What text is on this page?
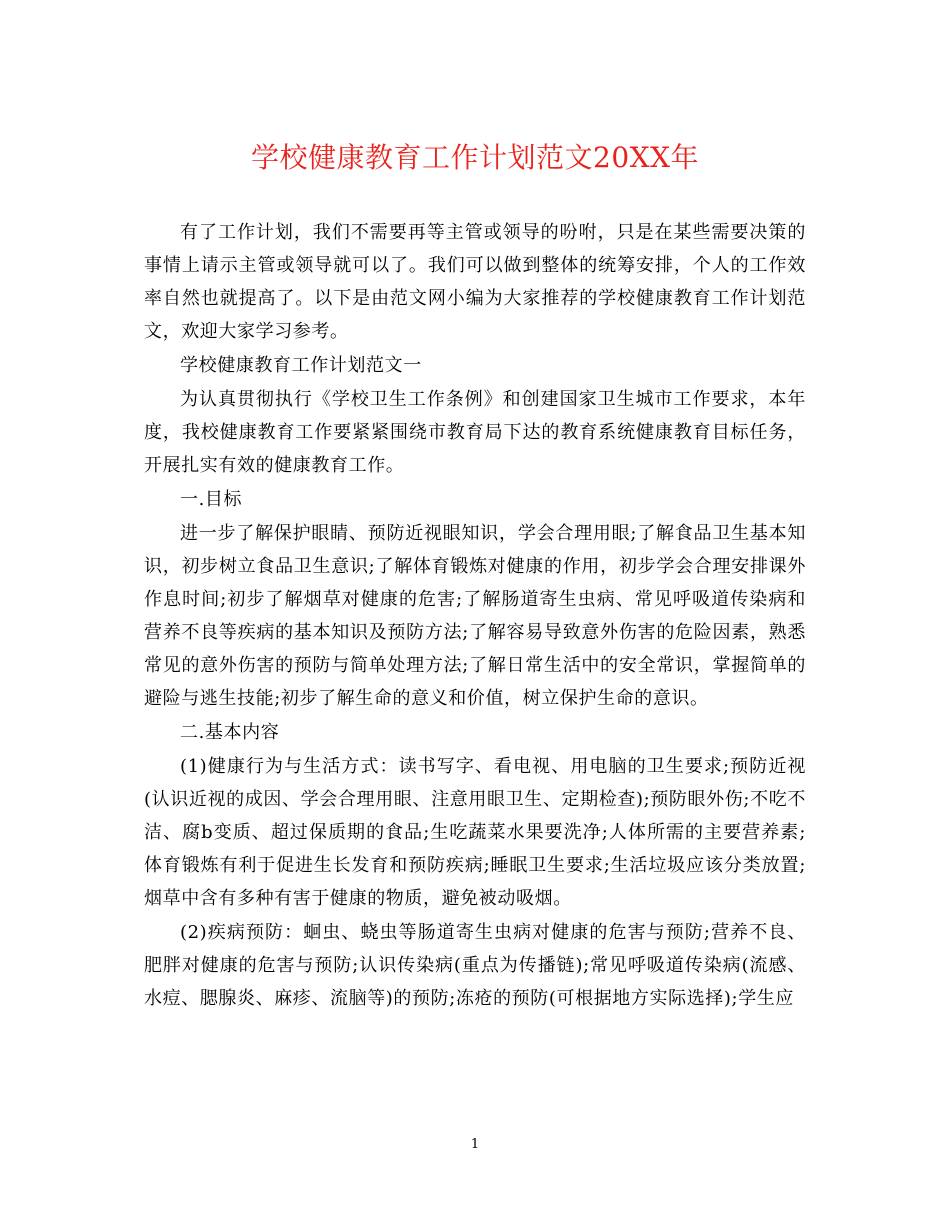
学校健康教育工作计划范文20XX年

有了工作计划，我们不需要再等主管或领导的吩咐，只是在某些需要决策的事情上请示主管或领导就可以了。我们可以做到整体的统筹安排，个人的工作效率自然也就提高了。以下是由范文网小编为大家推荐的学校健康教育工作计划范文，欢迎大家学习参考。

学校健康教育工作计划范文一

为认真贯彻执行《学校卫生工作条例》和创建国家卫生城市工作要求，本年度，我校健康教育工作要紧紧围绕市教育局下达的教育系统健康教育目标任务，开展扎实有效的健康教育工作。

一.目标

进一步了解保护眼睛、预防近视眼知识，学会合理用眼;了解食品卫生基本知识，初步树立食品卫生意识;了解体育锻炼对健康的作用，初步学会合理安排课外作息时间;初步了解烟草对健康的危害;了解肠道寄生虫病、常见呼吸道传染病和营养不良等疾病的基本知识及预防方法;了解容易导致意外伤害的危险因素，熟悉常见的意外伤害的预防与简单处理方法;了解日常生活中的安全常识，掌握简单的避险与逃生技能;初步了解生命的意义和价值，树立保护生命的意识。

二.基本内容

(1)健康行为与生活方式：读书写字、看电视、用电脑的卫生要求;预防近视(认识近视的成因、学会合理用眼、注意用眼卫生、定期检查);预防眼外伤;不吃不洁、腐b变质、超过保质期的食品;生吃蔬菜水果要洗净;人体所需的主要营养素;体育锻炼有利于促进生长发育和预防疾病;睡眠卫生要求;生活垃圾应该分类放置;烟草中含有多种有害于健康的物质，避免被动吸烟。

(2)疾病预防：蛔虫、蛲虫等肠道寄生虫病对健康的危害与预防;营养不良、肥胖对健康的危害与预防;认识传染病(重点为传播链);常见呼吸道传染病(流感、水痘、腮腺炎、麻疹、流脑等)的预防;冻疮的预防(可根据地方实际选择);学生应

1
